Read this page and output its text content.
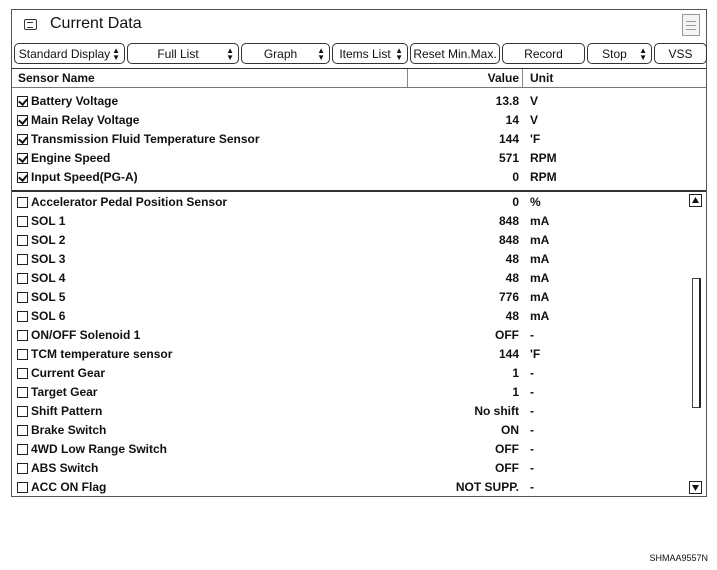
Current Data
Standard Display ▲
▼	Full List	▲
▼ Graph ▲
▼ Items List ▲
▼ Reset Min.Max. Record	Stop ▲
▼ VSS
Sensor Name	Value Unit
Battery Voltage	13.8 V
Main Relay Voltage	14 V
Transmission Fluid Temperature Sensor	144 'F
Engine Speed	571 RPM
Input Speed(PG-A)	0 RPM
Accelerator Pedal Position Sensor	0 %
SOL 1	848 mA
SOL 2	848 mA
SOL 3	48 mA
SOL 4	48 mA
SOL 5	776 mA
SOL 6	48 mA
ON/OFF Solenoid 1	OFF -
TCM temperature sensor	144 'F
Current Gear	1 -
Target Gear	1 -
Shift Pattern	No shift -
Brake Switch	ON -
4WD Low Range Switch	OFF -
ABS Switch	OFF -
ACC ON Flag	NOT SUPP. -
SHMAA9557N
